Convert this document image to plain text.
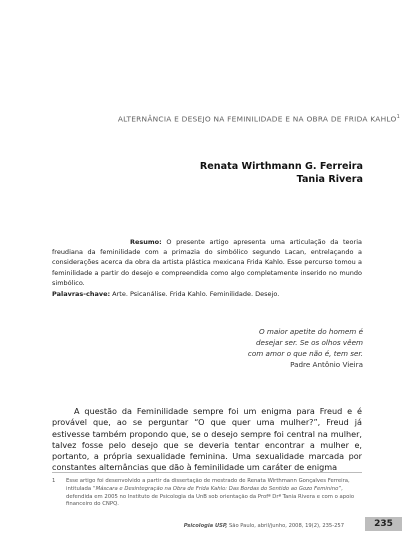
ALTERNÂNCIA E DESEJO NA FEMINILIDADE E NA OBRA DE FRIDA KAHLO$^1$
Renata Wirthmann G. Ferreira
Tania Rivera
Resumo: O presente artigo apresenta uma articulação da teoria freudiana da feminilidade com a primazia do simbólico segundo Lacan, entrelaçando a considerações acerca da obra da artista plástica mexicana Frida Kahlo. Esse percurso tomou a feminilidade a partir do desejo e compreendida como algo completamente inserido no mundo simbólico.
Palavras-chave: Arte. Psicanálise. Frida Kahlo. Feminilidade. Desejo.
O maior apetite do homem é
desejar ser. Se os olhos vêem
com amor o que não é, tem ser.
Padre Antônio Vieira

A questão da Feminilidade sempre foi um enigma para Freud e é provável que, ao se perguntar “O que quer uma mulher?”, Freud já estivesse também propondo que, se o desejo sempre foi central na mulher, talvez fosse pelo desejo que se deveria tentar encontrar a mulher e, portanto, a própria sexualidade feminina. Uma sexualidade marcada por constantes alternâncias que dão à feminilidade um caráter de enigma

1 Esse artigo foi desenvolvido a partir da dissertação de mestrado de Renata Wirthmann Gonçalves Ferreira, intitulada “Máscara e Desintegração na Obra de Frida Kahlo: Das Bordas do Sentido ao Gozo Feminino”, defendida em 2005 no Instituto de Psicologia da UnB sob orientação da Profª Drª Tania Rivera e com o apoio financeiro do CNPQ.
Psicologia USP, São Paulo, abril/junho, 2008, 19(2), 235-257	235
